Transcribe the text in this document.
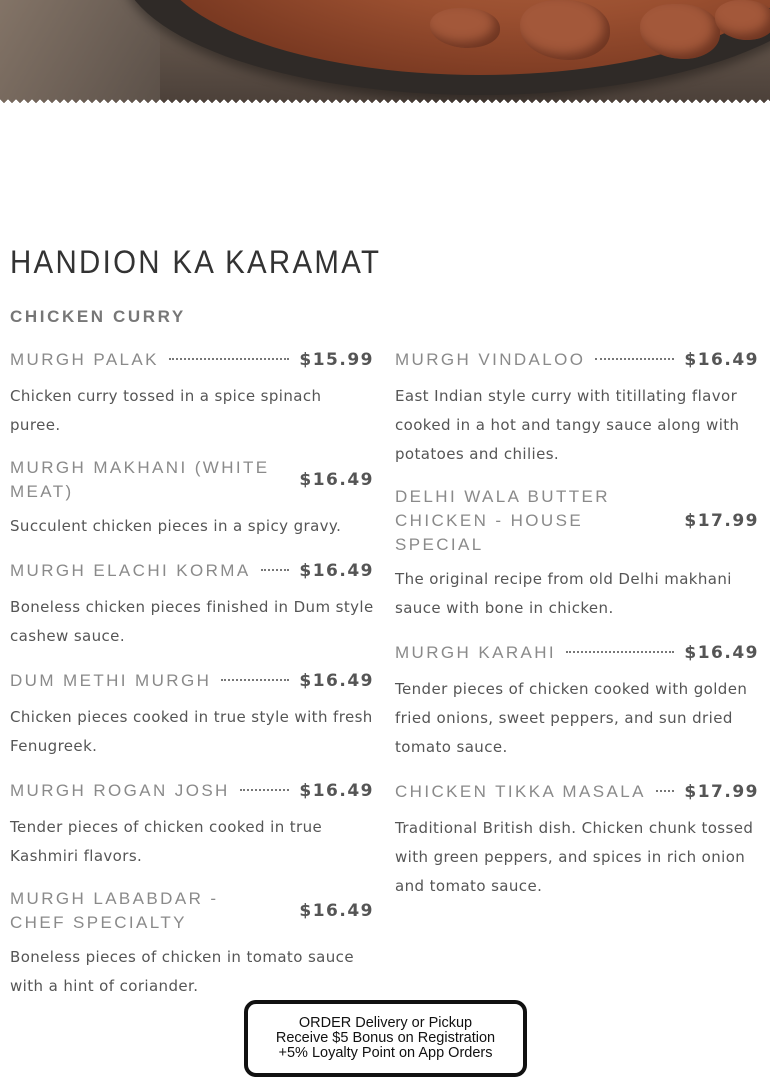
HANDION KA KARAMAT
CHICKEN CURRY
MURGH PALAK	$15.99

Chicken curry tossed in a spice spinach puree.

MURGH MAKHANI (WHITE MEAT)
$16.49

Succulent chicken pieces in a spicy gravy.

MURGH ELACHI KORMA	$16.49

Boneless chicken pieces finished in Dum style cashew sauce.

DUM METHI MURGH	$16.49

Chicken pieces cooked in true style with fresh Fenugreek.

MURGH ROGAN JOSH	$16.49

Tender pieces of chicken cooked in true Kashmiri flavors.

MURGH LABABDAR - CHEF SPECIALTY
$16.49

Boneless pieces of chicken in tomato sauce with a hint of coriander.

MURGH VINDALOO	$16.49

East Indian style curry with titillating flavor cooked in a hot and tangy sauce along with potatoes and chilies.

DELHI WALA BUTTER CHICKEN - HOUSE SPECIAL
$17.99

The original recipe from old Delhi makhani sauce with bone in chicken.

MURGH KARAHI	$16.49

Tender pieces of chicken cooked with golden fried onions, sweet peppers, and sun dried tomato sauce.

CHICKEN TIKKA MASALA $17.99

Traditional British dish. Chicken chunk tossed with green peppers, and spices in rich onion and tomato sauce.

ORDER Delivery or Pickup
Receive $5 Bonus on Registration
+5% Loyalty Point on App Orders
